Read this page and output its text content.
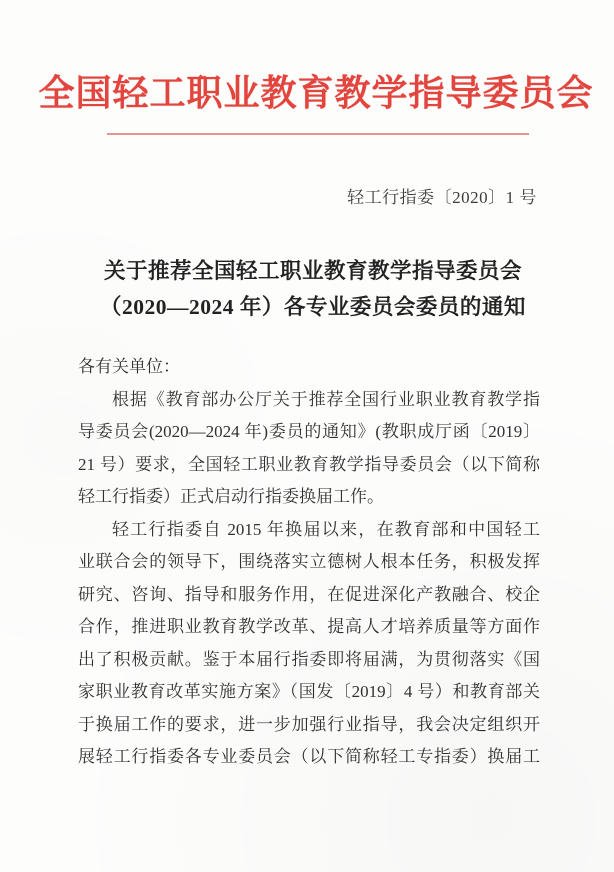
全国轻工职业教育教学指导委员会
轻工行指委〔2020〕1 号
关于推荐全国轻工职业教育教学指导委员会
（2020—2024 年）各专业委员会委员的通知
各有关单位：
根据《教育部办公厅关于推荐全国行业职业教育教学指
导委员会(2020—2024 年)委员的通知》(教职成厅函〔2019〕
21 号）要求，全国轻工职业教育教学指导委员会（以下简称
轻工行指委）正式启动行指委换届工作。
轻工行指委自 2015 年换届以来，在教育部和中国轻工
业联合会的领导下，围绕落实立德树人根本任务，积极发挥
研究、咨询、指导和服务作用，在促进深化产教融合、校企
合作，推进职业教育教学改革、提高人才培养质量等方面作
出了积极贡献。鉴于本届行指委即将届满，为贯彻落实《国
家职业教育改革实施方案》（国发〔2019〕4 号）和教育部关
于换届工作的要求，进一步加强行业指导，我会决定组织开
展轻工行指委各专业委员会（以下简称轻工专指委）换届工
